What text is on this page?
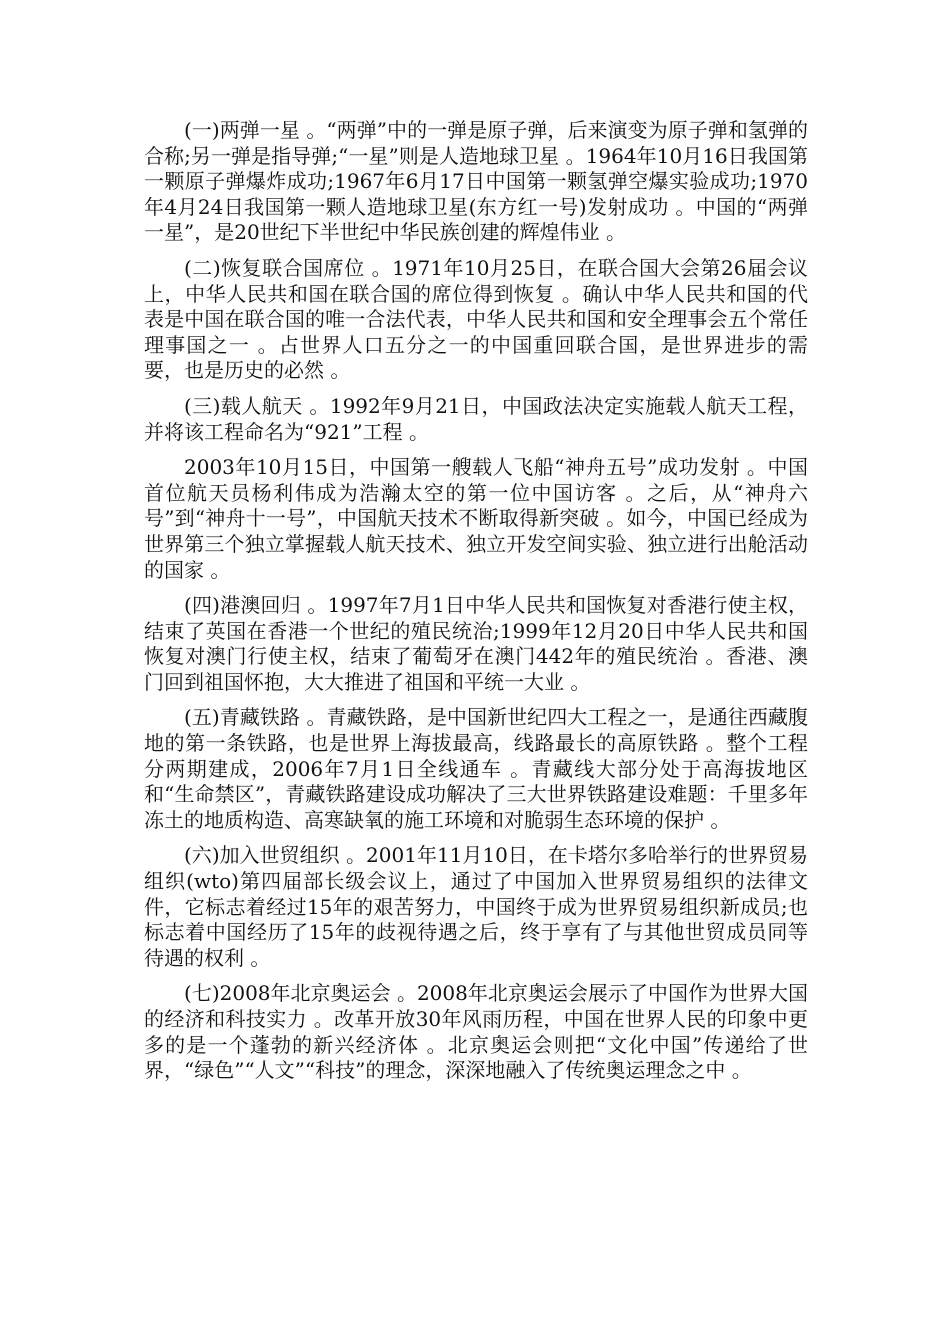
(一)两弹一星 。“两弹”中的一弹是原子弹，后来演变为原子弹和氢弹的合称;另一弹是指导弹;“一星”则是人造地球卫星 。1964年10月16日我国第一颗原子弹爆炸成功;1967年6月17日中国第一颗氢弹空爆实验成功;1970年4月24日我国第一颗人造地球卫星(东方红一号)发射成功 。中国的“两弹一星”，是20世纪下半世纪中华民族创建的辉煌伟业 。

(二)恢复联合国席位 。1971年10月25日，在联合国大会第26届会议上，中华人民共和国在联合国的席位得到恢复 。确认中华人民共和国的代表是中国在联合国的唯一合法代表，中华人民共和国和安全理事会五个常任理事国之一 。占世界人口五分之一的中国重回联合国，是世界进步的需要，也是历史的必然 。

(三)载人航天 。1992年9月21日，中国政法决定实施载人航天工程，并将该工程命名为“921”工程 。

2003年10月15日，中国第一艘载人飞船“神舟五号”成功发射 。中国首位航天员杨利伟成为浩瀚太空的第一位中国访客 。之后，从“神舟六号”到“神舟十一号”，中国航天技术不断取得新突破 。如今，中国已经成为世界第三个独立掌握载人航天技术、独立开发空间实验、独立进行出舱活动的国家 。

(四)港澳回归 。1997年7月1日中华人民共和国恢复对香港行使主权，结束了英国在香港一个世纪的殖民统治;1999年12月20日中华人民共和国恢复对澳门行使主权，结束了葡萄牙在澳门442年的殖民统治 。香港、澳门回到祖国怀抱，大大推进了祖国和平统一大业 。

(五)青藏铁路 。青藏铁路，是中国新世纪四大工程之一，是通往西藏腹地的第一条铁路，也是世界上海拔最高，线路最长的高原铁路 。整个工程分两期建成，2006年7月1日全线通车 。青藏线大部分处于高海拔地区和“生命禁区”，青藏铁路建设成功解决了三大世界铁路建设难题：千里多年冻土的地质构造、高寒缺氧的施工环境和对脆弱生态环境的保护 。

(六)加入世贸组织 。2001年11月10日，在卡塔尔多哈举行的世界贸易组织(wto)第四届部长级会议上，通过了中国加入世界贸易组织的法律文件，它标志着经过15年的艰苦努力，中国终于成为世界贸易组织新成员;也标志着中国经历了15年的歧视待遇之后，终于享有了与其他世贸成员同等待遇的权利 。

(七)2008年北京奥运会 。2008年北京奥运会展示了中国作为世界大国的经济和科技实力 。改革开放30年风雨历程，中国在世界人民的印象中更多的是一个蓬勃的新兴经济体 。北京奥运会则把“文化中国”传递给了世界，“绿色”“人文”“科技”的理念，深深地融入了传统奥运理念之中 。
